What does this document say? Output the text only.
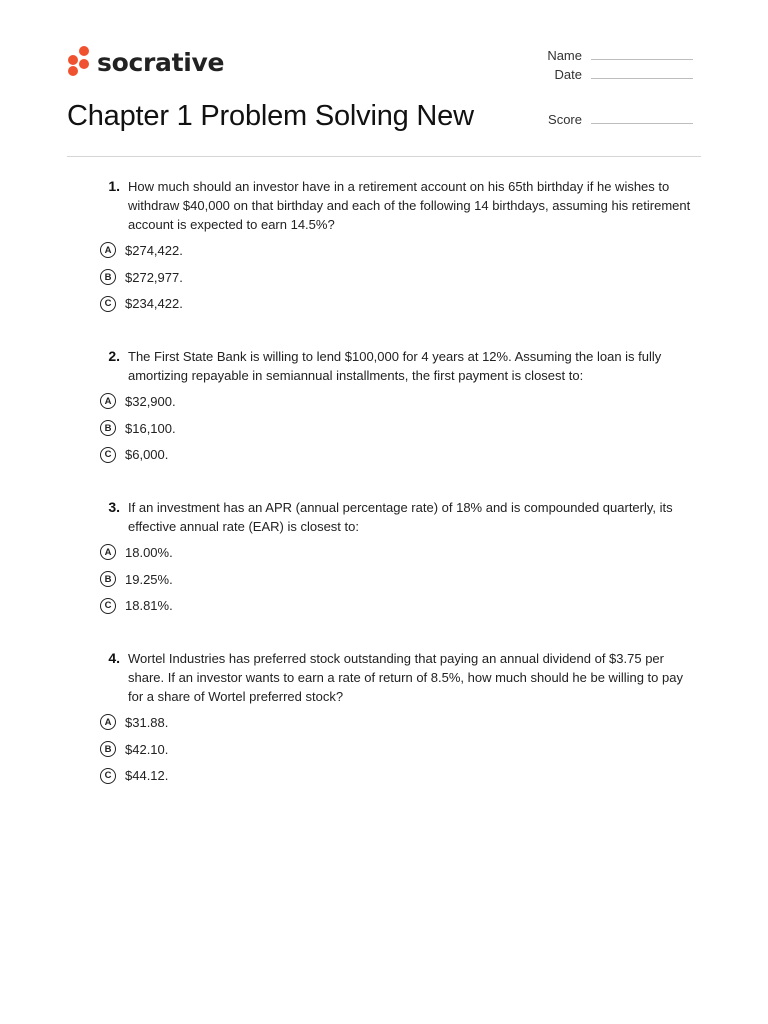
socrative	Name
Date
Score
Chapter 1 Problem Solving New
1. How much should an investor have in a retirement account on his 65th birthday if he wishes to withdraw $40,000 on that birthday and each of the following 14 birthdays, assuming his retirement account is expected to earn 14.5%?
A	$274,422.
B	$272,977.
C	$234,422.
2. The First State Bank is willing to lend $100,000 for 4 years at 12%. Assuming the loan is fully amortizing repayable in semiannual installments, the first payment is closest to:
A	$32,900.
B	$16,100.
C	$6,000.
3. If an investment has an APR (annual percentage rate) of 18% and is compounded quarterly, its effective annual rate (EAR) is closest to:
A	18.00%.
B	19.25%.
C	18.81%.
4. Wortel Industries has preferred stock outstanding that paying an annual dividend of $3.75 per share. If an investor wants to earn a rate of return of 8.5%, how much should he be willing to pay for a share of Wortel preferred stock?
A	$31.88.
B	$42.10.
C	$44.12.
